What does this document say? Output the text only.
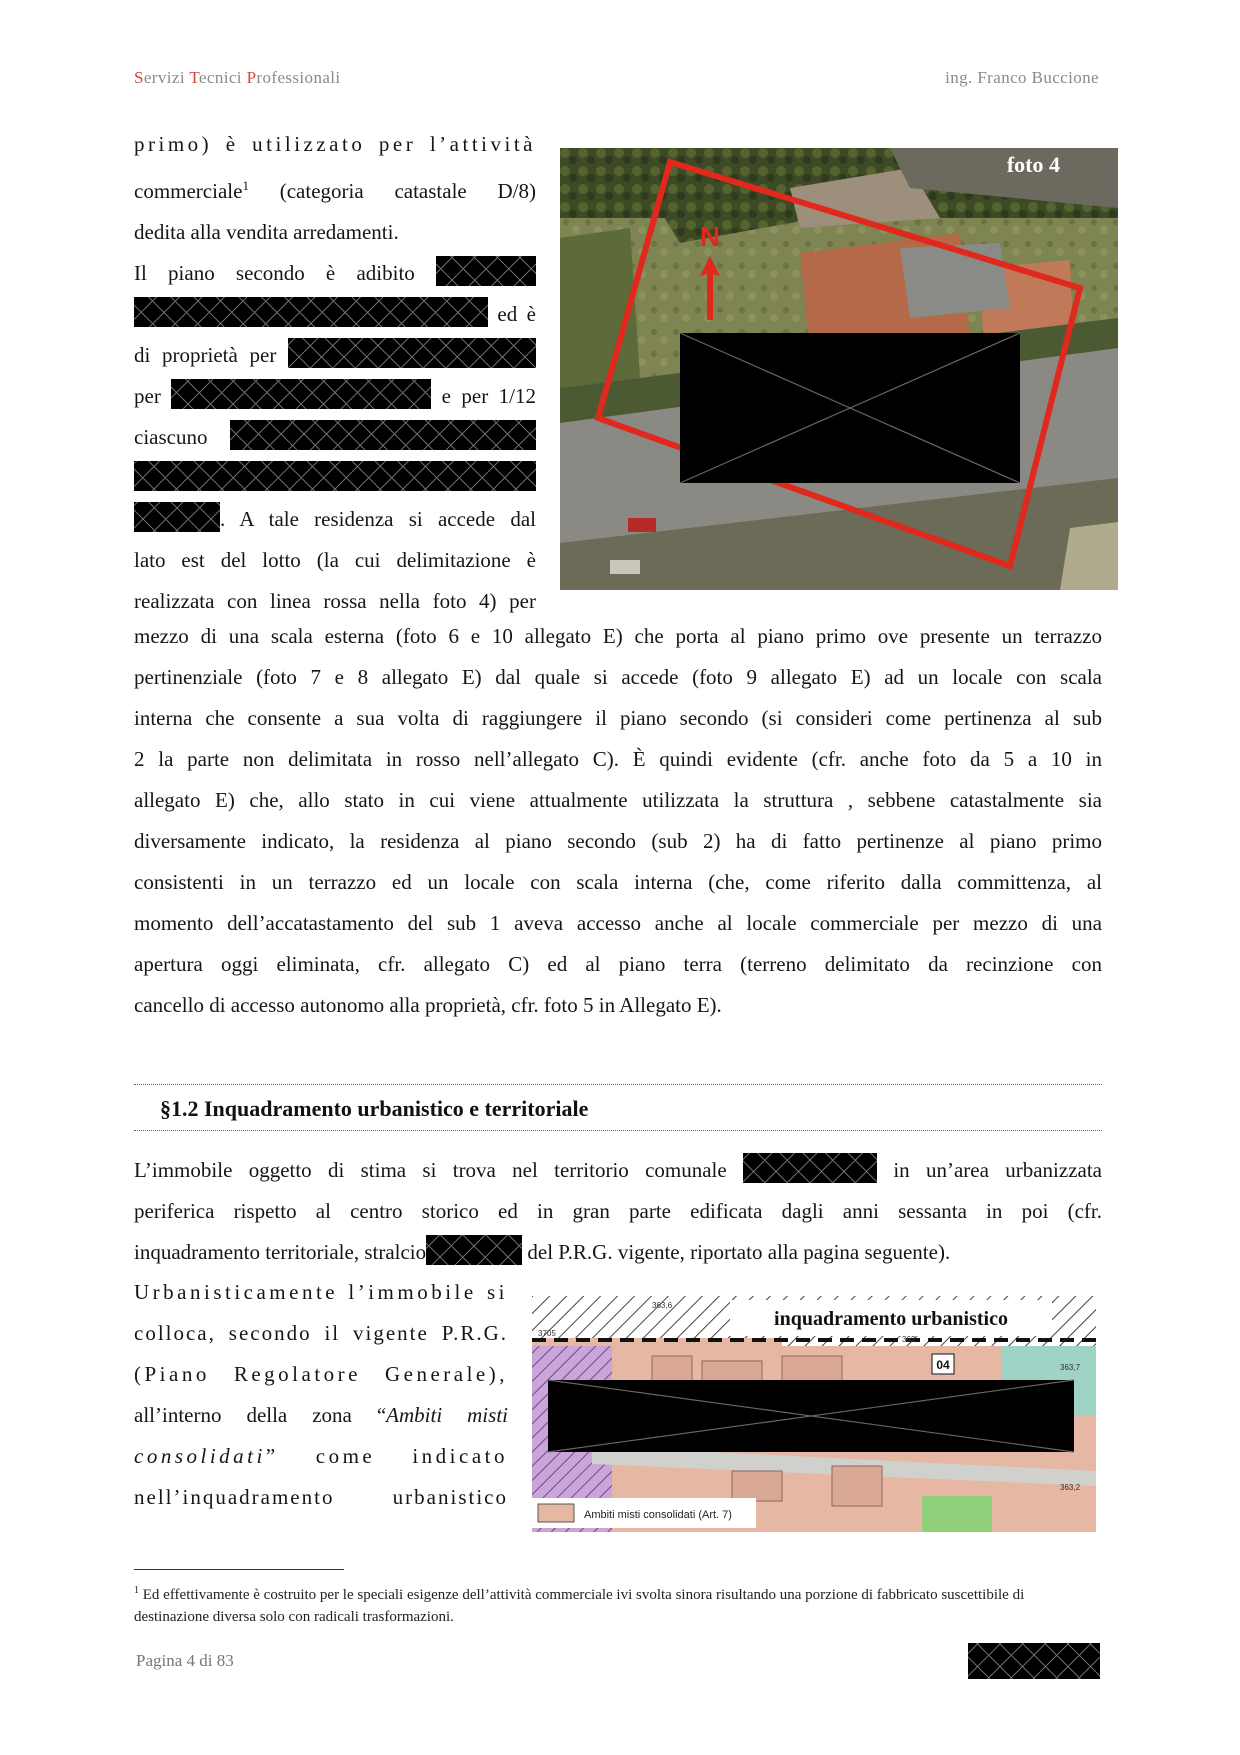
Servizi Tecnici Professionali	ing. Franco Buccione
foto 4
N

primo) è utilizzato per l’attività

commerciale$^1$ (categoria catastale D/8)

dedita alla vendita arredamenti.

Il piano secondo è adibito

ed è

di proprietà per

per	e per 1/12

ciascuno

. A tale residenza si accede dal

lato est del lotto (la cui delimitazione è

realizzata con linea rossa nella foto 4) per

mezzo di una scala esterna (foto 6 e 10 allegato E) che porta al piano primo ove presente un terrazzo

pertinenziale (foto 7 e 8 allegato E) dal quale si accede (foto 9 allegato E) ad un locale con scala

interna che consente a sua volta di raggiungere il piano secondo (si consideri come pertinenza al sub

2 la parte non delimitata in rosso nell’allegato C). È quindi evidente (cfr. anche foto da 5 a 10 in

allegato E) che, allo stato in cui viene attualmente utilizzata la struttura , sebbene catastalmente sia

diversamente indicato, la residenza al piano secondo (sub 2) ha di fatto pertinenze al piano primo

consistenti in un terrazzo ed un locale con scala interna (che, come riferito dalla committenza, al

momento dell’accatastamento del sub 1 aveva accesso anche al locale commerciale per mezzo di una

apertura oggi eliminata, cfr. allegato C) ed al piano terra (terreno delimitato da recinzione con

cancello di accesso autonomo alla proprietà, cfr. foto 5 in Allegato E).

§1.2 Inquadramento urbanistico e territoriale

L’immobile oggetto di stima si trova nel territorio comunale	in un’area urbanizzata

periferica rispetto al centro storico ed in gran parte edificata dagli anni sessanta in poi (cfr.

inquadramento territoriale, stralcio	del P.R.G. vigente, riportato alla pagina seguente).

Urbanisticamente l’immobile si

colloca, secondo il vigente P.R.G.

(Piano Regolatore Generale),

all’interno della zona “Ambiti misti

consolidati” come indicato

nell’inquadramento urbanistico

inquadramento urbanistico
04
363,6
363,7
363,2
3705
362
Ambiti misti consolidati (Art. 7)
$^1$ Ed effettivamente è costruito per le speciali esigenze dell’attività commerciale ivi svolta sinora risultando una porzione di fabbricato suscettibile di destinazione diversa solo con radicali trasformazioni.
Pagina 4 di 83
